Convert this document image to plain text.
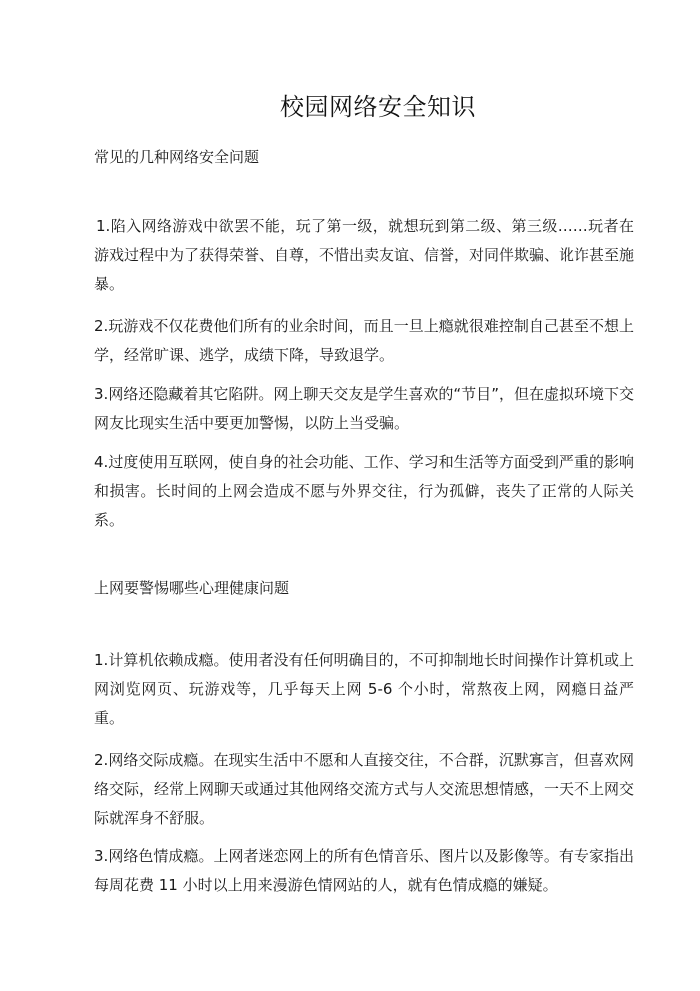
校园网络安全知识
常见的几种网络安全问题
1.陷入网络游戏中欲罢不能，玩了第一级，就想玩到第二级、第三级……玩者在游戏过程中为了获得荣誉、自尊，不惜出卖友谊、信誉，对同伴欺骗、讹诈甚至施暴。
2.玩游戏不仅花费他们所有的业余时间，而且一旦上瘾就很难控制自己甚至不想上学，经常旷课、逃学，成绩下降，导致退学。
3.网络还隐藏着其它陷阱。网上聊天交友是学生喜欢的“节目”，但在虚拟环境下交网友比现实生活中要更加警惕，以防上当受骗。
4.过度使用互联网，使自身的社会功能、工作、学习和生活等方面受到严重的影响和损害。长时间的上网会造成不愿与外界交往，行为孤僻，丧失了正常的人际关系。
上网要警惕哪些心理健康问题
1.计算机依赖成瘾。使用者没有任何明确目的，不可抑制地长时间操作计算机或上网浏览网页、玩游戏等，几乎每天上网 5-6 个小时，常熬夜上网，网瘾日益严重。
2.网络交际成瘾。在现实生活中不愿和人直接交往，不合群，沉默寡言，但喜欢网络交际，经常上网聊天或通过其他网络交流方式与人交流思想情感，一天不上网交际就浑身不舒服。
3.网络色情成瘾。上网者迷恋网上的所有色情音乐、图片以及影像等。有专家指出每周花费 11 小时以上用来漫游色情网站的人，就有色情成瘾的嫌疑。
